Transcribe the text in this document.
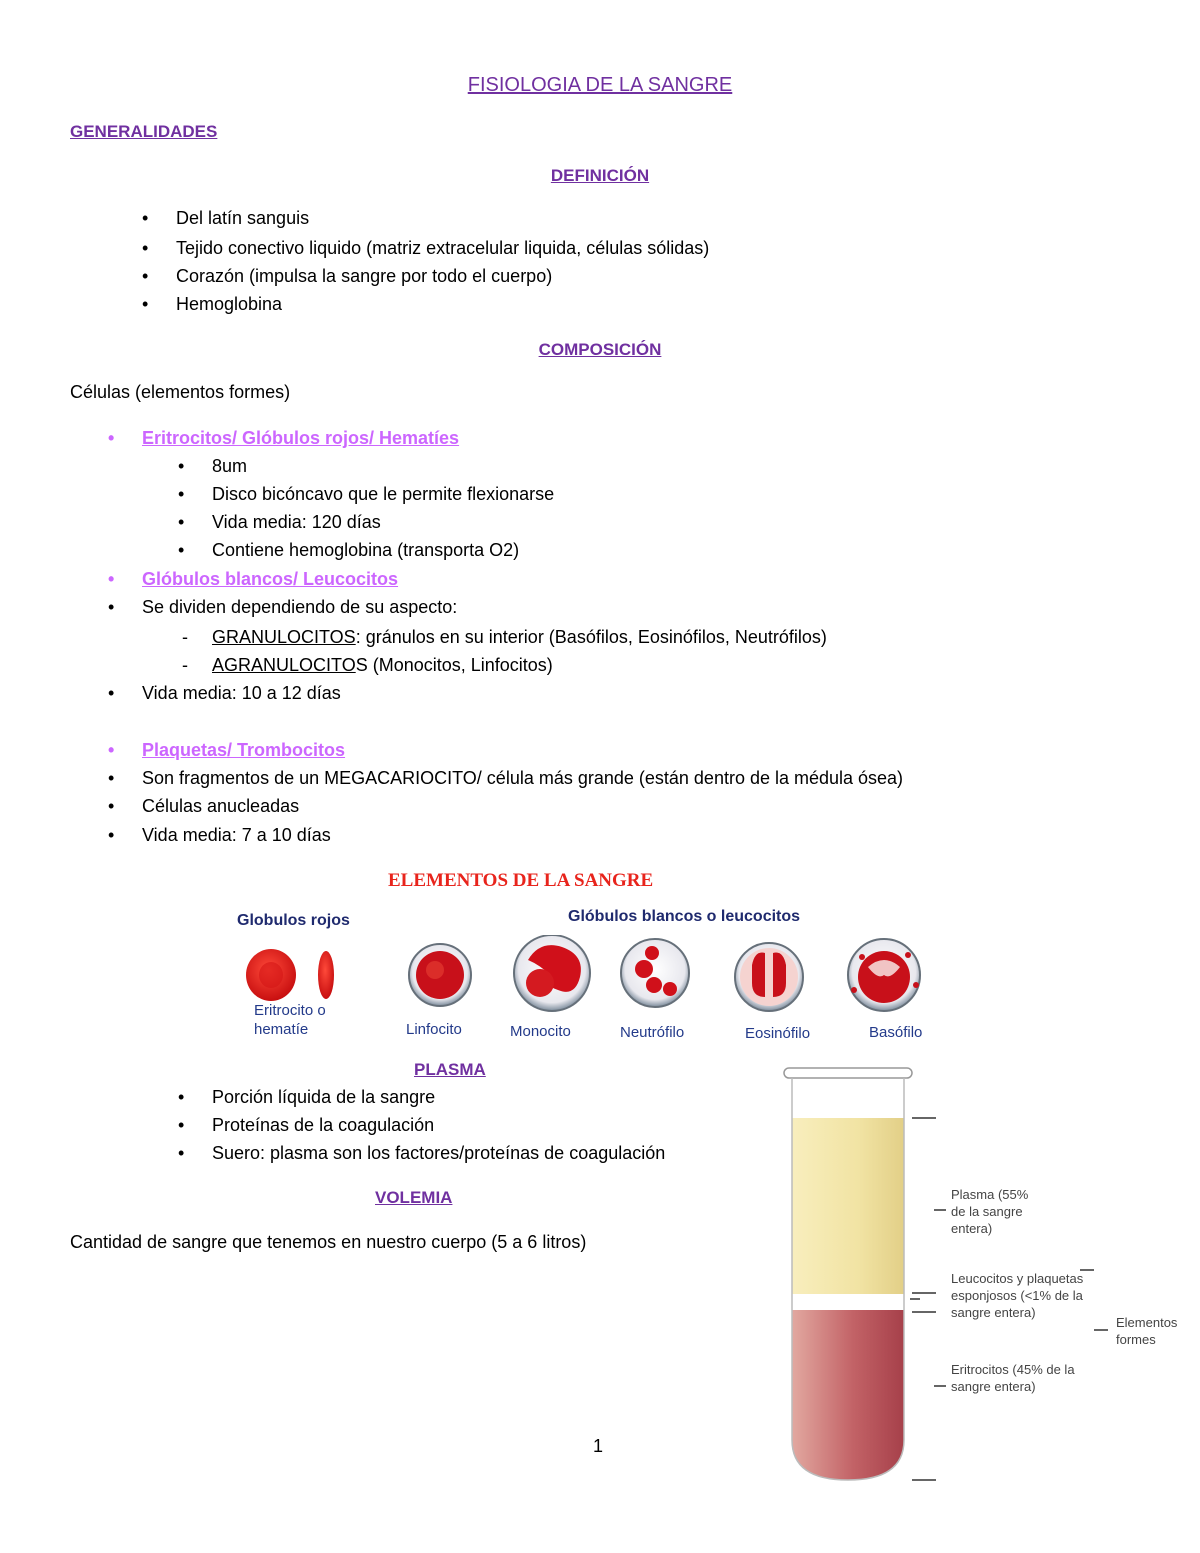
FISIOLOGIA DE LA SANGRE
GENERALIDADES
DEFINICIÓN
• Del latín sanguis
• Tejido conectivo liquido (matriz extracelular liquida, células sólidas)
• Corazón (impulsa la sangre por todo el cuerpo)
• Hemoglobina
COMPOSICIÓN
Células (elementos formes)
• Eritrocitos/ Glóbulos rojos/ Hematíes
• 8um
• Disco bicóncavo que le permite flexionarse
• Vida media: 120 días
• Contiene hemoglobina (transporta O2)
• Glóbulos blancos/ Leucocitos
• Se dividen dependiendo de su aspecto:
- GRANULOCITOS: gránulos en su interior (Basófilos, Eosinófilos, Neutrófilos)
- AGRANULOCITOS (Monocitos, Linfocitos)
• Vida media: 10 a 12 días
• Plaquetas/ Trombocitos
• Son fragmentos de un MEGACARIOCITO/ célula más grande (están dentro de la médula ósea)
• Células anucleadas
• Vida media: 7 a 10 días
ELEMENTOS DE LA SANGRE
Globulos rojos	Glóbulos blancos o leucocitos
Eritrocito o
hematíe	Linfocito	Monocito	Neutrófilo	Eosinófilo	Basófilo
PLASMA
• Porción líquida de la sangre
• Proteínas de la coagulación
• Suero: plasma son los factores/proteínas de coagulación
VOLEMIA
Cantidad de sangre que tenemos en nuestro cuerpo (5 a 6 litros)
Plasma (55% de la sangre entera)
Leucocitos y plaquetas esponjosos (<1% de la sangre entera)
Eritrocitos (45% de la sangre entera)
Elementos formes
1
